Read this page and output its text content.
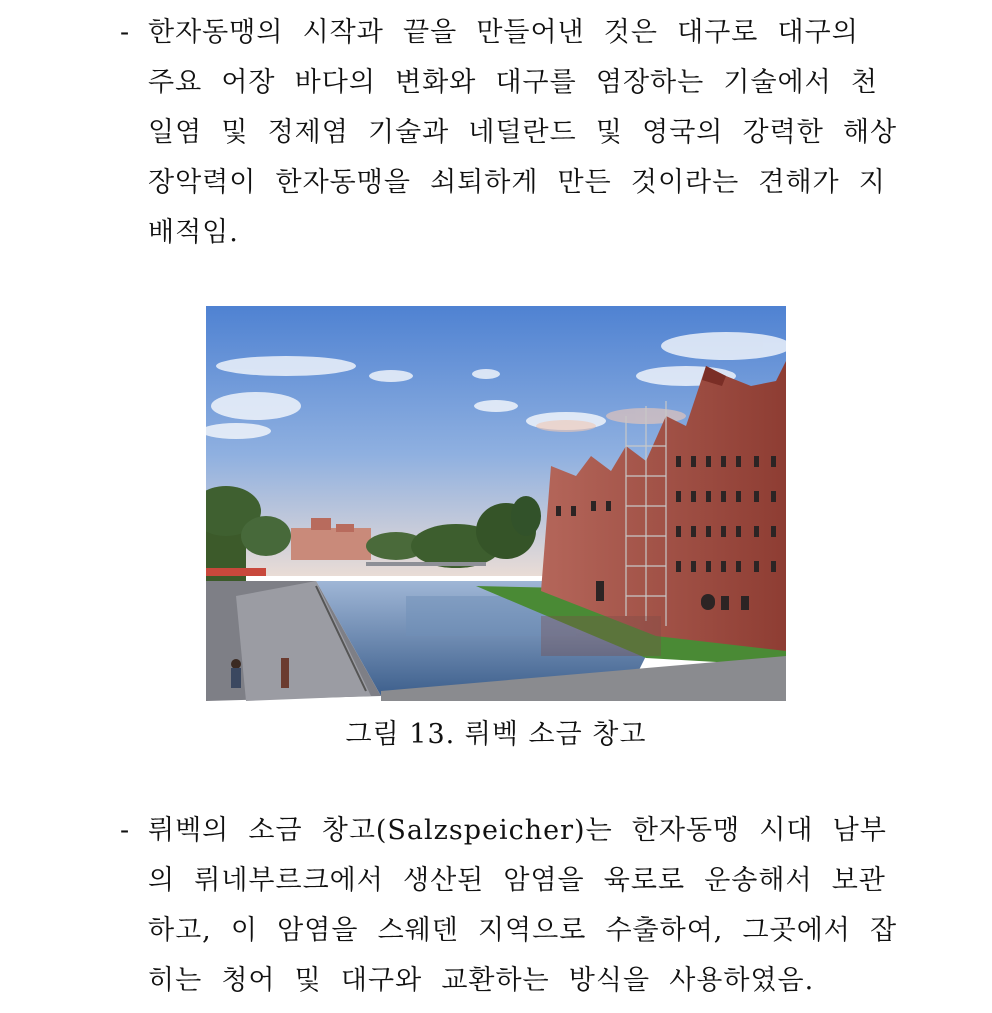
- 한자동맹의  시작과  끝을  만들어낸  것은  대구로  대구의
주요  어장  바다의  변화와  대구를  염장하는  기술에서  천
일염  및  정제염  기술과  네덜란드  및  영국의  강력한  해상
장악력이  한자동맹을  쇠퇴하게  만든  것이라는  견해가  지
배적임.
그림 13. 뤼벡 소금 창고
- 뤼벡의  소금  창고(Salzspeicher)는  한자동맹  시대  남부
의  뤼네부르크에서  생산된  암염을  육로로  운송해서  보관
하고,  이  암염을  스웨덴  지역으로  수출하여,  그곳에서  잡
히는  청어  및  대구와  교환하는  방식을  사용하였음.
